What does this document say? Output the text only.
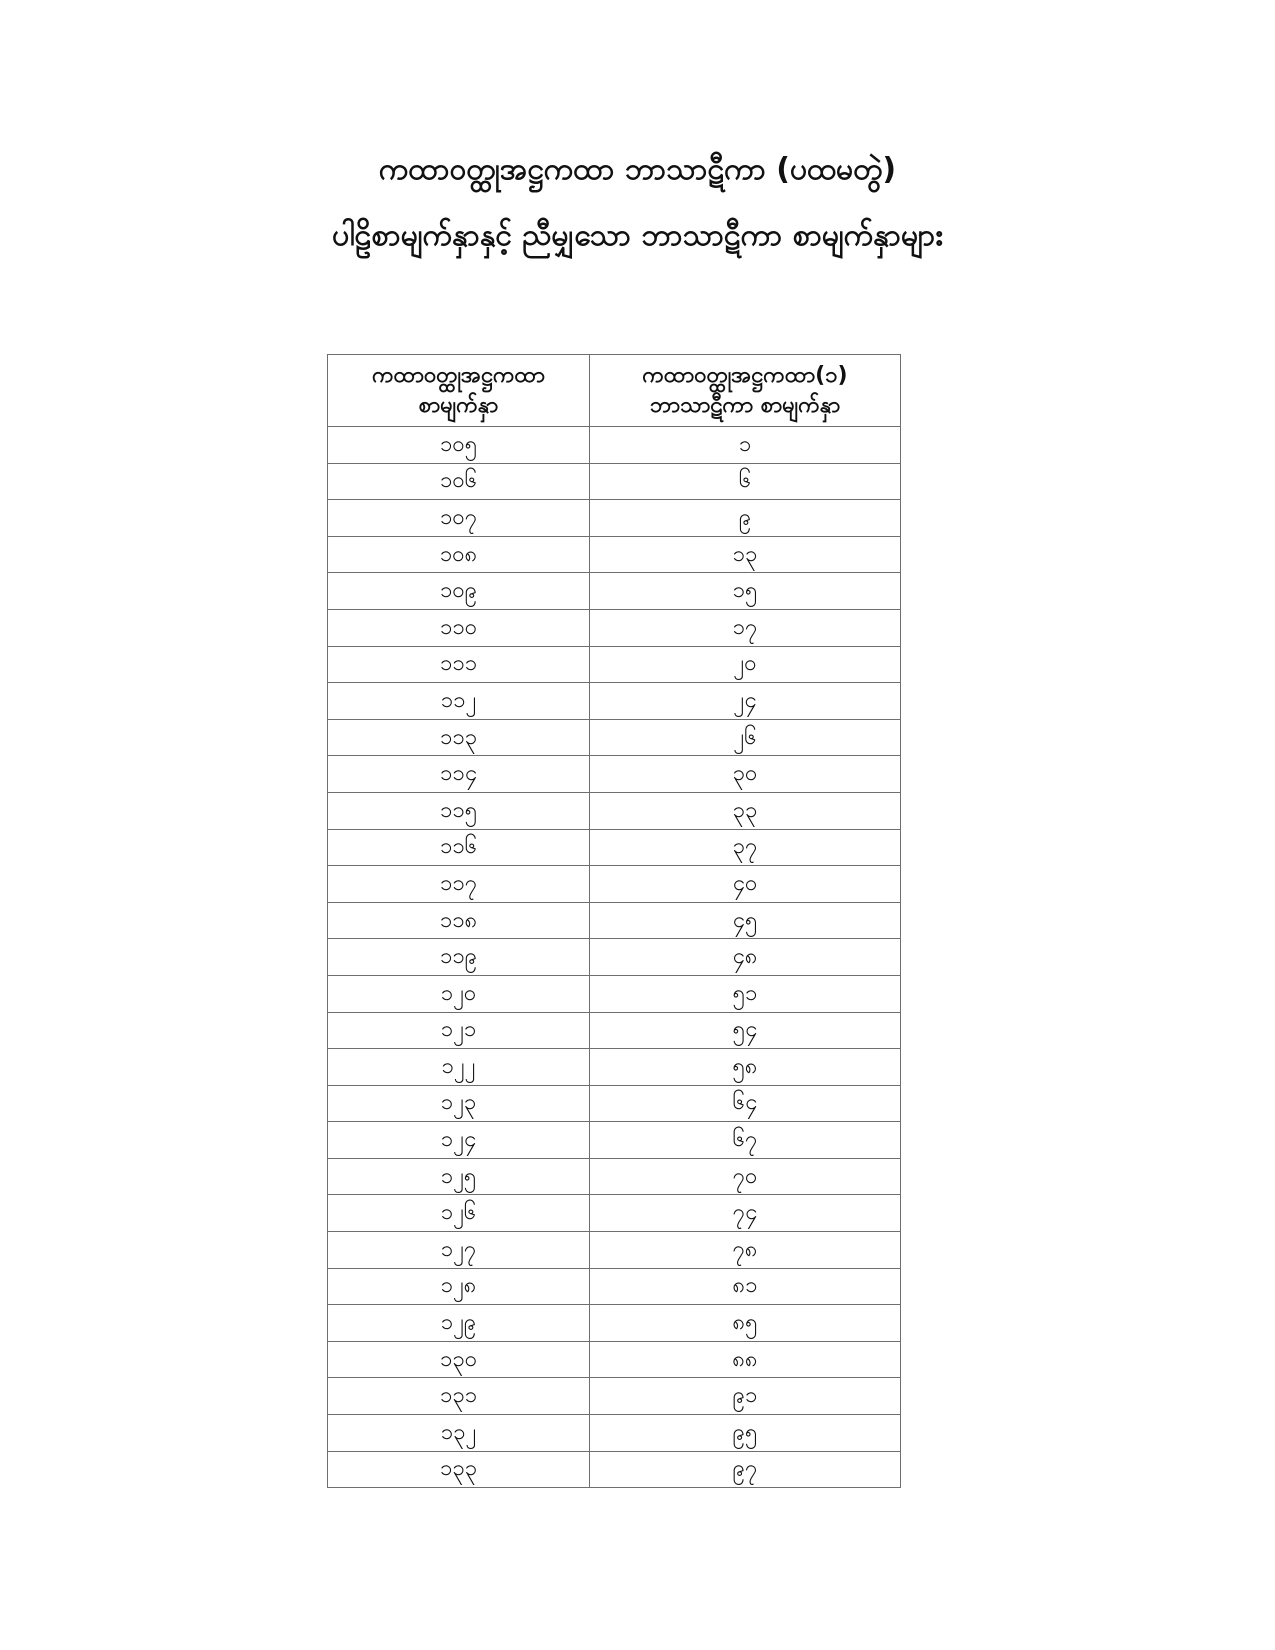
ကထာဝတ္ထုအဋ္ဌကထာ ဘာသာဋီကာ (ပထမတွဲ)
ပါဠိစာမျက်နှာနှင့် ညီမျှသော ဘာသာဋီကာ စာမျက်နှာများ
ကထာဝတ္ထုအဋ္ဌကထာ
စာမျက်နှာ	ကထာဝတ္ထုအဋ္ဌကထာ(၁)
ဘာသာဋီကာ စာမျက်နှာ

၁၀၅	၁
၁၀၆	၆
၁၀၇	၉
၁၀၈	၁၃
၁၀၉	၁၅
၁၁၀	၁၇
၁၁၁	၂၀
၁၁၂	၂၄
၁၁၃	၂၆
၁၁၄	၃၀
၁၁၅	၃၃
၁၁၆	၃၇
၁၁၇	၄၀
၁၁၈	၄၅
၁၁၉	၄၈
၁၂၀	၅၁
၁၂၁	၅၄
၁၂၂	၅၈
၁၂၃	၆၄
၁၂၄	၆၇
၁၂၅	၇၀
၁၂၆	၇၄
၁၂၇	၇၈
၁၂၈	၈၁
၁၂၉	၈၅
၁၃၀	၈၈
၁၃၁	၉၁
၁၃၂	၉၅
၁၃၃	၉၇
